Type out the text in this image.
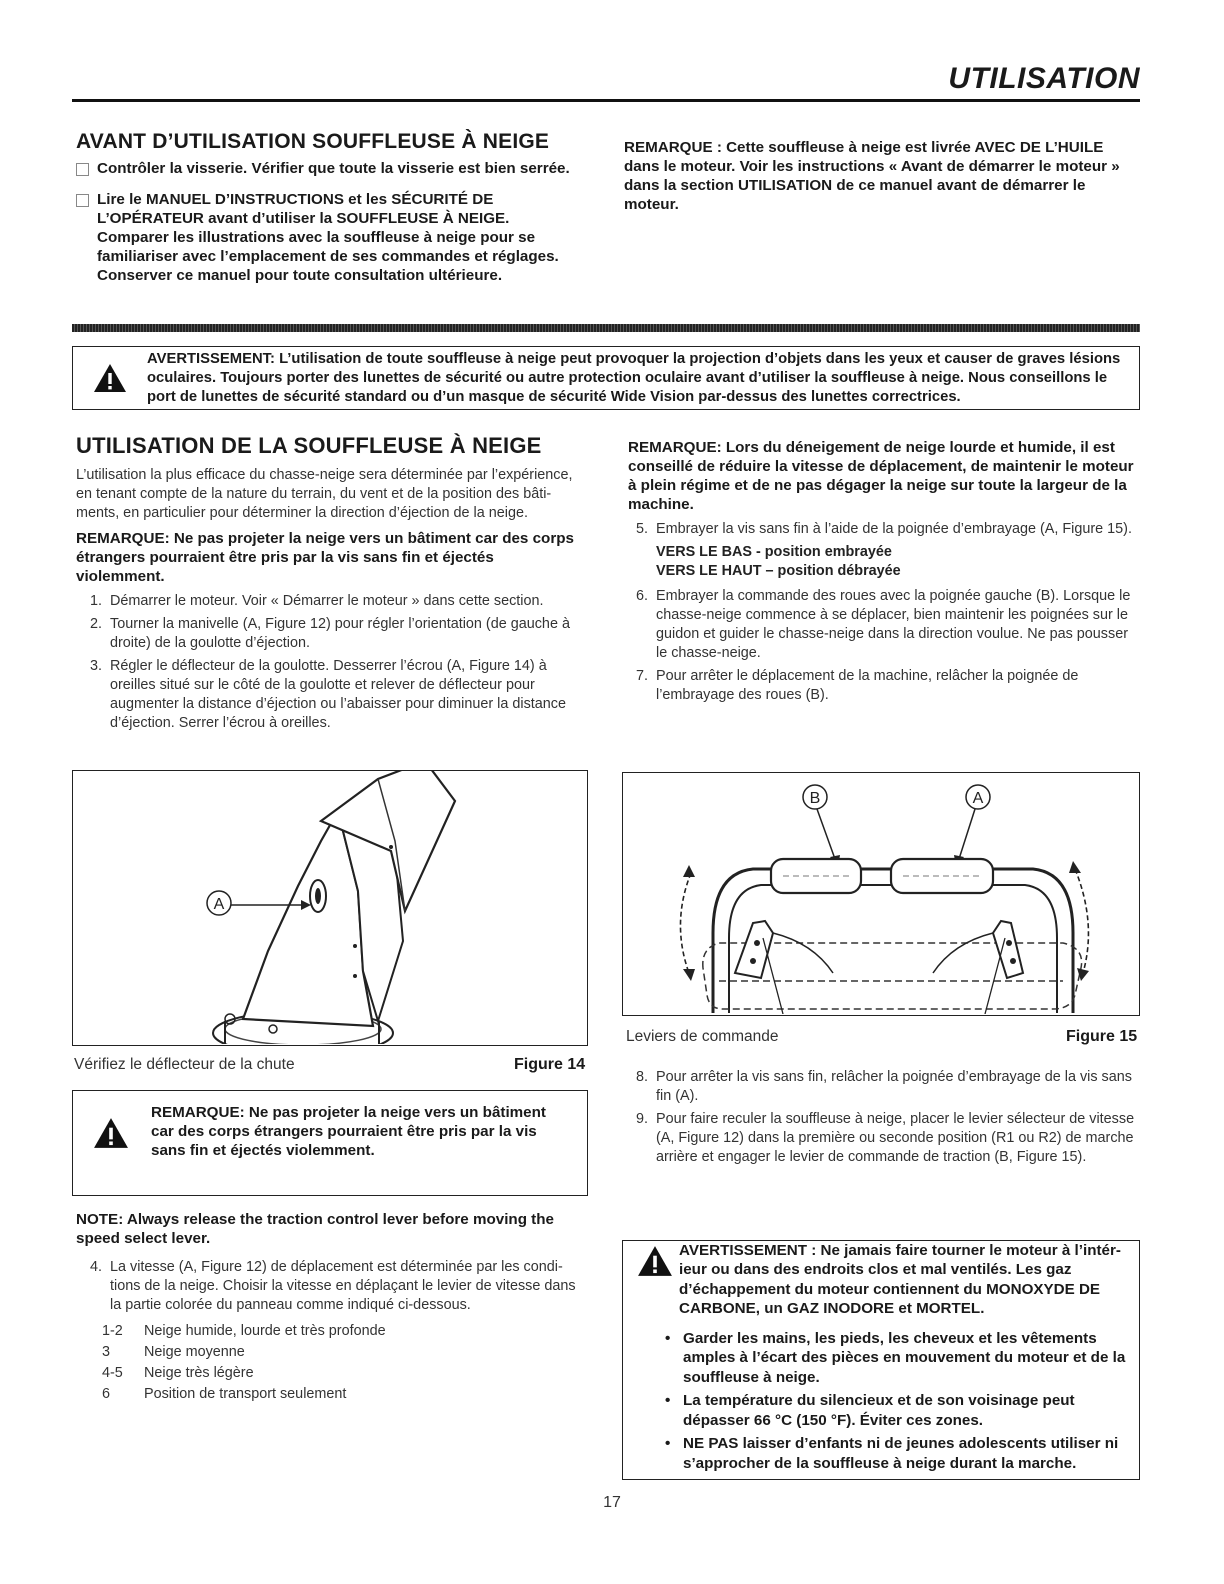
UTILISATION
AVANT D’UTILISATION SOUFFLEUSE À NEIGE
Contrôler la visserie. Vérifier que toute la visserie est bien serrée.
Lire le MANUEL D’INSTRUCTIONS et les SÉCURITÉ DE L’OPÉRATEUR avant d’utiliser la SOUFFLEUSE À NEIGE. Comparer les illustrations avec la souffleuse à neige pour se familiariser avec l’emplacement de ses commandes et réglages. Conserver ce manuel pour toute consultation ultérieure.
REMARQUE : Cette souffleuse à neige est livrée AVEC DE L’HUILE dans le moteur. Voir les instructions « Avant de démarrer le moteur » dans la section UTILISATION de ce manuel avant de démarrer le moteur.
AVERTISSEMENT: L’utilisation de toute souffleuse à neige peut provoquer la projection d’objets dans les yeux et causer de graves lésions oculaires. Toujours porter des lunettes de sécurité ou autre protection oculaire avant d’utiliser la souffleuse à neige. Nous conseillons le port de lunettes de sécurité standard ou d’un masque de sécurité Wide Vision par-dessus des lunettes correctrices.
UTILISATION DE LA SOUFFLEUSE À NEIGE
L’utilisation la plus efficace du chasse-neige sera déterminée par l’expérience, en tenant compte de la nature du terrain, du vent et de la position des bâti-ments, en particulier pour déterminer la direction d’éjection de la neige.
REMARQUE: Ne pas projeter la neige vers un bâtiment car des corps étrangers pourraient être pris par la vis sans fin et éjectés violemment.
1. Démarrer le moteur. Voir « Démarrer le moteur » dans cette section.
2. Tourner la manivelle (A, Figure 12) pour régler l’orientation (de gauche à droite) de la goulotte d’éjection.
3. Régler le déflecteur de la goulotte. Desserrer l’écrou (A, Figure 14) à oreilles situé sur le côté de la goulotte et relever de déflecteur pour augmenter la distance d’éjection ou l’abaisser pour diminuer la distance d’éjection. Serrer l’écrou à oreilles.
A
Vérifiez le déflecteur de la chute	Figure 14
REMARQUE: Ne pas projeter la neige vers un bâtiment car des corps étrangers pourraient être pris par la vis sans fin et éjectés violemment.
NOTE: Always release the traction control lever before moving the speed select lever.
4. La vitesse (A, Figure 12) de déplacement est déterminée par les condi-tions de la neige. Choisir la vitesse en déplaçant le levier de vitesse dans la partie colorée du panneau comme indiqué ci-dessous.
1-2	Neige humide, lourde et très profonde
3	Neige moyenne
4-5	Neige très légère
6	Position de transport seulement
REMARQUE: Lors du déneigement de neige lourde et humide, il est conseillé de réduire la vitesse de déplacement, de maintenir le moteur à plein régime et de ne pas dégager la neige sur toute la largeur de la machine.
5. Embrayer la vis sans fin à l’aide de la poignée d’embrayage (A, Figure 15).
VERS LE BAS - position embrayée
VERS LE HAUT – position débrayée
6. Embrayer la commande des roues avec la poignée gauche (B). Lorsque le chasse-neige commence à se déplacer, bien maintenir les poignées sur le guidon et guider le chasse-neige dans la direction voulue. Ne pas pousser le chasse-neige.
7. Pour arrêter le déplacement de la machine, relâcher la poignée de l’embrayage des roues (B).
B	A
Leviers de commande	Figure 15
8. Pour arrêter la vis sans fin, relâcher la poignée d’embrayage de la vis sans fin (A).
9. Pour faire reculer la souffleuse à neige, placer le levier sélecteur de vitesse (A, Figure 12) dans la première ou seconde position (R1 ou R2) de marche arrière et engager le levier de commande de traction (B, Figure 15).
AVERTISSEMENT : Ne jamais faire tourner le moteur à l’intér-ieur ou dans des endroits clos et mal ventilés. Les gaz d’échappement du moteur contiennent du MONOXYDE DE CARBONE, un GAZ INODORE et MORTEL.
• Garder les mains, les pieds, les cheveux et les vêtements amples à l’écart des pièces en mouvement du moteur et de la souffleuse à neige.
• La température du silencieux et de son voisinage peut dépasser 66 °C (150 °F). Éviter ces zones.
• NE PAS laisser d’enfants ni de jeunes adolescents utiliser ni s’approcher de la souffleuse à neige durant la marche.
17
